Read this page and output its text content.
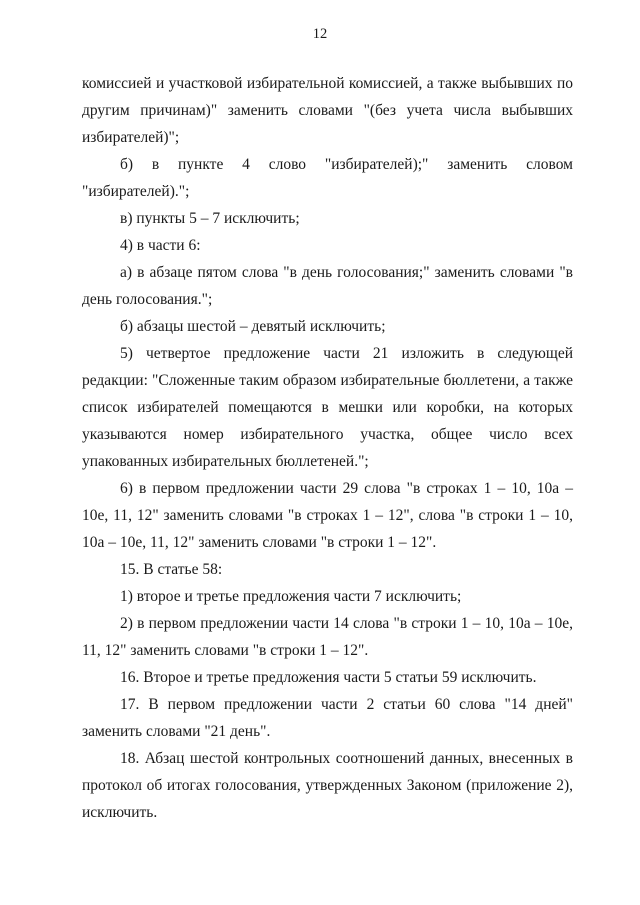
12

комиссией и участковой избирательной комиссией, а также выбывших по другим причинам)" заменить словами "(без учета числа выбывших избирателей)";

б) в пункте 4 слово "избирателей);" заменить словом "избирателей).";

в) пункты 5 – 7 исключить;

4) в части 6:

а) в абзаце пятом слова "в день голосования;" заменить словами "в день голосования.";

б) абзацы шестой – девятый исключить;

5) четвертое предложение части 21 изложить в следующей редакции: "Сложенные таким образом избирательные бюллетени, а также список избирателей помещаются в мешки или коробки, на которых указываются номер избирательного участка, общее число всех упакованных избирательных бюллетеней.";

6) в первом предложении части 29 слова "в строках 1 – 10, 10а – 10е, 11, 12" заменить словами "в строках 1 – 12", слова "в строки 1 – 10, 10а – 10е, 11, 12" заменить словами "в строки 1 – 12".

15. В статье 58:

1) второе и третье предложения части 7 исключить;

2) в первом предложении части 14 слова "в строки 1 – 10, 10а – 10е, 11, 12" заменить словами "в строки 1 – 12".

16. Второе и третье предложения части 5 статьи 59 исключить.

17. В первом предложении части 2 статьи 60 слова "14 дней" заменить словами "21 день".

18. Абзац шестой контрольных соотношений данных, внесенных в протокол об итогах голосования, утвержденных Законом (приложение 2), исключить.
